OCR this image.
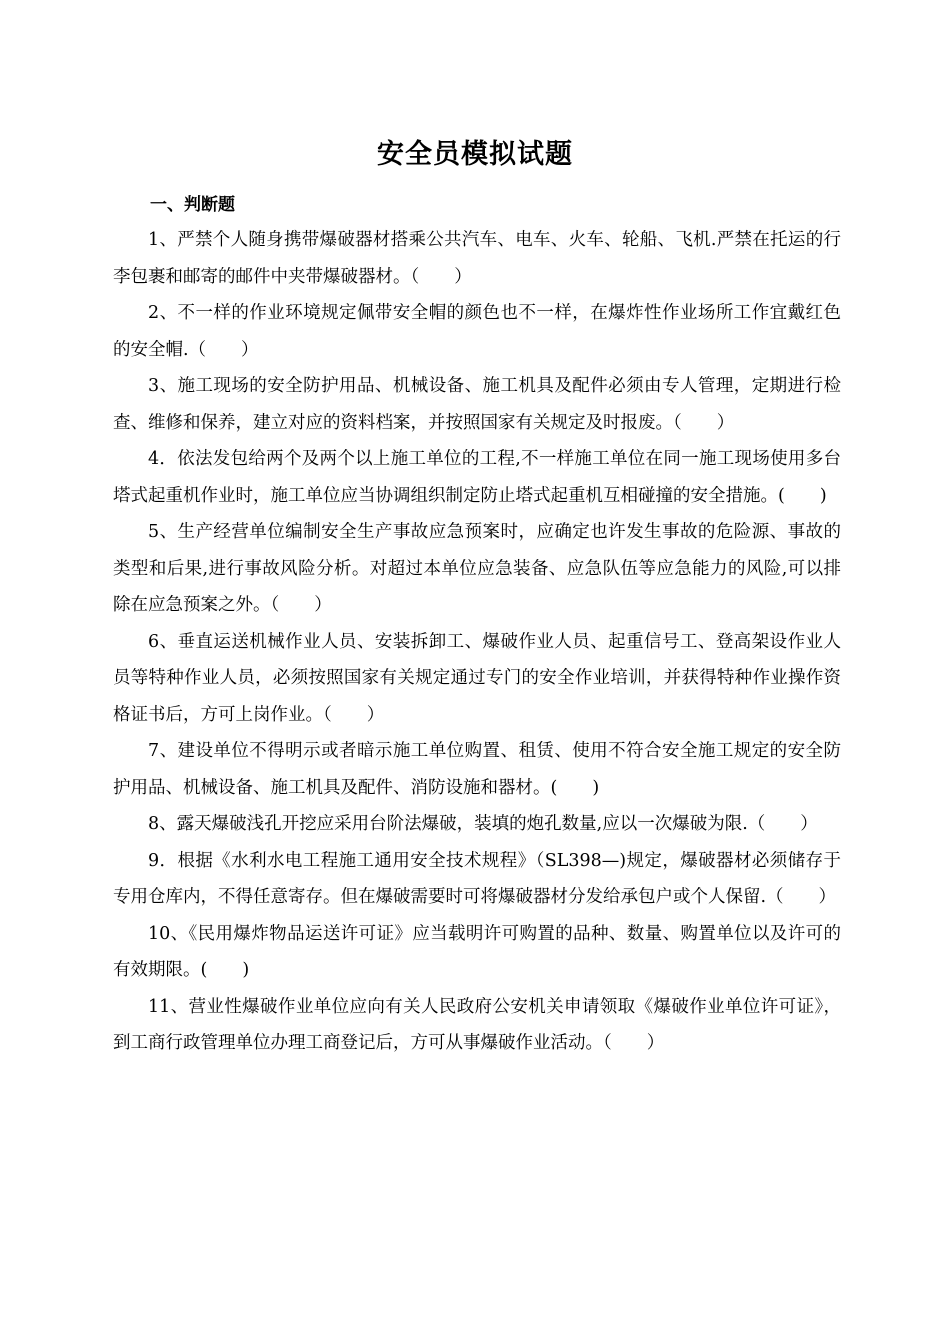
安全员模拟试题
一、判断题

1、严禁个人随身携带爆破器材搭乘公共汽车、电车、火车、轮船、飞机.严禁在托运的行李包裹和邮寄的邮件中夹带爆破器材。（　　）

2、不一样的作业环境规定佩带安全帽的颜色也不一样，在爆炸性作业场所工作宜戴红色的安全帽.（　　）

3、施工现场的安全防护用品、机械设备、施工机具及配件必须由专人管理，定期进行检查、维修和保养，建立对应的资料档案，并按照国家有关规定及时报废。（　　）

4．依法发包给两个及两个以上施工单位的工程,不一样施工单位在同一施工现场使用多台塔式起重机作业时，施工单位应当协调组织制定防止塔式起重机互相碰撞的安全措施。(　　)

5、生产经营单位编制安全生产事故应急预案时，应确定也许发生事故的危险源、事故的类型和后果,进行事故风险分析。对超过本单位应急装备、应急队伍等应急能力的风险,可以排除在应急预案之外。（　　）

6、垂直运送机械作业人员、安装拆卸工、爆破作业人员、起重信号工、登高架设作业人员等特种作业人员，必须按照国家有关规定通过专门的安全作业培训，并获得特种作业操作资格证书后，方可上岗作业。（　　）

7、建设单位不得明示或者暗示施工单位购置、租赁、使用不符合安全施工规定的安全防护用品、机械设备、施工机具及配件、消防设施和器材。(　　)

8、露天爆破浅孔开挖应采用台阶法爆破，装填的炮孔数量,应以一次爆破为限.（　　）

9．根据《水利水电工程施工通用安全技术规程》（SL398—)规定，爆破器材必须储存于专用仓库内，不得任意寄存。但在爆破需要时可将爆破器材分发给承包户或个人保留.（　　）

10、《民用爆炸物品运送许可证》应当载明许可购置的品种、数量、购置单位以及许可的有效期限。(　　)

11、营业性爆破作业单位应向有关人民政府公安机关申请领取《爆破作业单位许可证》，到工商行政管理单位办理工商登记后，方可从事爆破作业活动。（　　）
